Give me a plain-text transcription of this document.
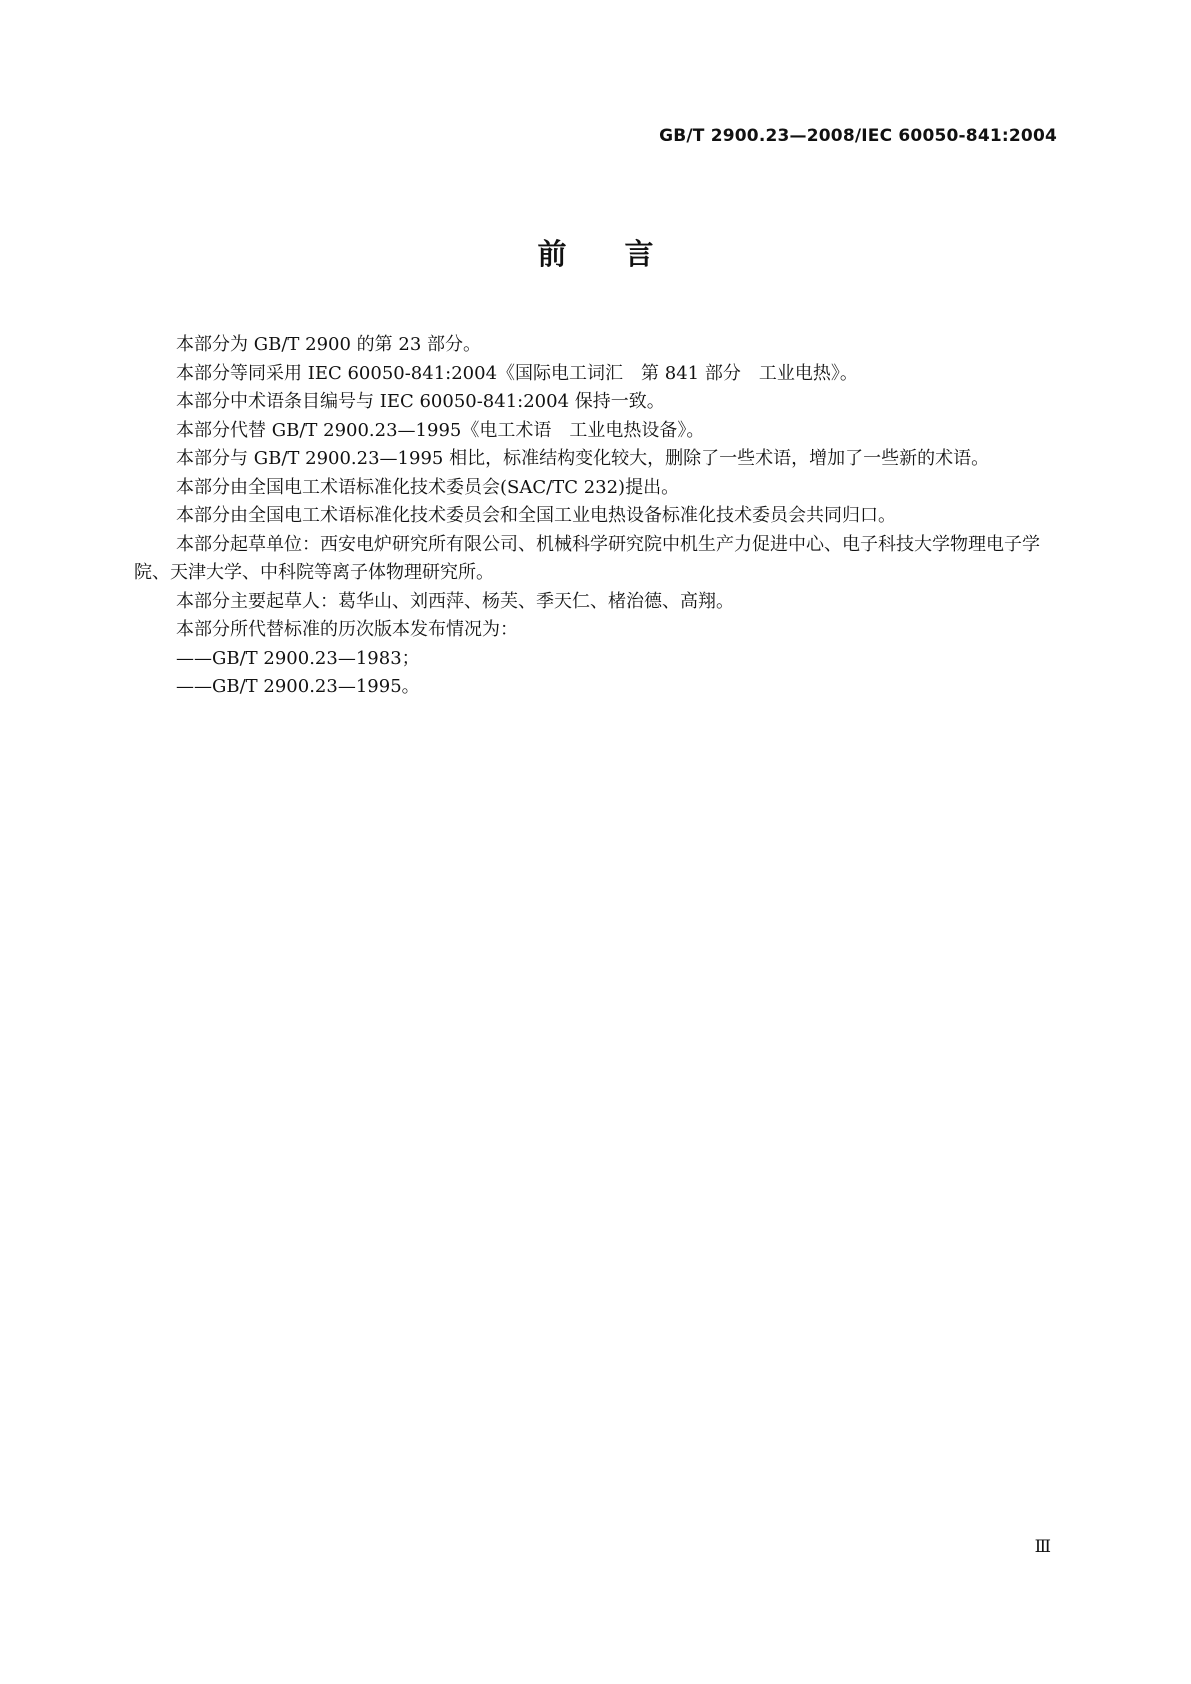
GB/T 2900.23—2008/IEC 60050-841:2004
前言

本部分为 GB/T 2900 的第 23 部分。

本部分等同采用 IEC 60050-841:2004《国际电工词汇　第 841 部分　工业电热》。

本部分中术语条目编号与 IEC 60050-841:2004 保持一致。

本部分代替 GB/T 2900.23—1995《电工术语　工业电热设备》。

本部分与 GB/T 2900.23—1995 相比，标准结构变化较大，删除了一些术语，增加了一些新的术语。

本部分由全国电工术语标准化技术委员会(SAC/TC 232)提出。

本部分由全国电工术语标准化技术委员会和全国工业电热设备标准化技术委员会共同归口。

本部分起草单位：西安电炉研究所有限公司、机械科学研究院中机生产力促进中心、电子科技大学物理电子学院、天津大学、中科院等离子体物理研究所。

本部分主要起草人：葛华山、刘西萍、杨芙、季天仁、楮治德、高翔。

本部分所代替标准的历次版本发布情况为：

——GB/T 2900.23—1983；

——GB/T 2900.23—1995。

Ⅲ
